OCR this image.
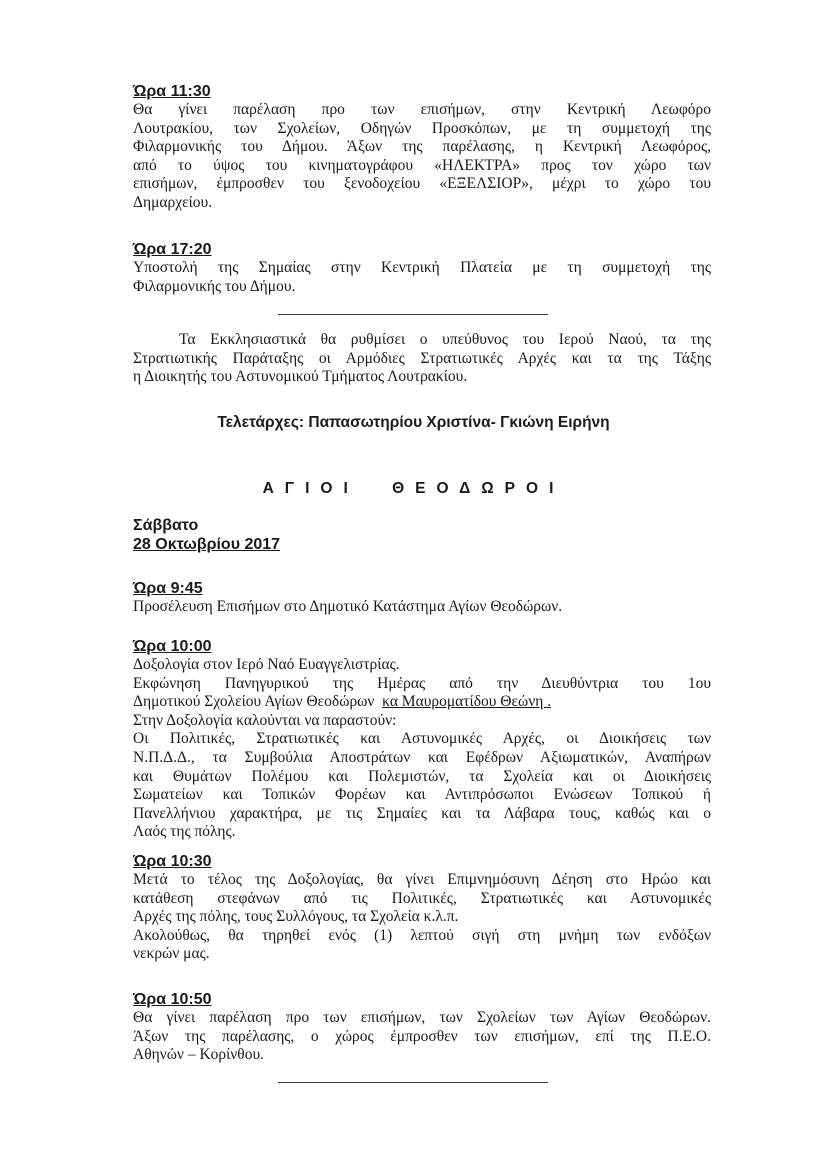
Ώρα 11:30
Θα γίνει παρέλαση προ των επισήμων, στην Κεντρική Λεωφόρο
Λουτρακίου, των Σχολείων, Οδηγών Προσκόπων, με τη συμμετοχή της
Φιλαρμονικής του Δήμου. Άξων της παρέλασης, η Κεντρική Λεωφόρος,
από το ύψος του κινηματογράφου «ΗΛΕΚΤΡΑ» προς τον χώρο των
επισήμων, έμπροσθεν του ξενοδοχείου «ΕΞΕΛΣΙΟΡ», μέχρι το χώρο του
Δημαρχείου.
Ώρα 17:20
Υποστολή της Σημαίας στην Κεντρική Πλατεία με τη συμμετοχή της
Φιλαρμονικής του Δήμου.
Τα Εκκλησιαστικά θα ρυθμίσει ο υπεύθυνος του Ιερού Ναού, τα της
Στρατιωτικής Παράταξης οι Αρμόδιες Στρατιωτικές Αρχές και τα της Τάξης
η Διοικητής του Αστυνομικού Τμήματος Λουτρακίου.
Τελετάρχες: Παπασωτηρίου Χριστίνα- Γκιώνη Ειρήνη
ΑΓΙΟΙ ΘΕΟΔΩΡΟΙ
Σάββατο
28 Οκτωβρίου 2017
Ώρα 9:45
Προσέλευση Επισήμων στο Δημοτικό Κατάστημα Αγίων Θεοδώρων.
Ώρα 10:00
Δοξολογία στον Ιερό Ναό Ευαγγελιστρίας.
Εκφώνηση Πανηγυρικού της Ημέρας από την Διευθύντρια του 1ου
Δημοτικού Σχολείου Αγίων Θεοδώρων κα Μαυροματίδου Θεώνη .
Στην Δοξολογία καλούνται να παραστούν:
Οι Πολιτικές, Στρατιωτικές και Αστυνομικές Αρχές, οι Διοικήσεις των
Ν.Π.Δ.Δ., τα Συμβούλια Αποστράτων και Εφέδρων Αξιωματικών, Αναπήρων
και Θυμάτων Πολέμου και Πολεμιστών, τα Σχολεία και οι Διοικήσεις
Σωματείων και Τοπικών Φορέων και Αντιπρόσωποι Ενώσεων Τοπικού ή
Πανελλήνιου χαρακτήρα, με τις Σημαίες και τα Λάβαρα τους, καθώς και ο
Λαός της πόλης.
Ώρα 10:30
Μετά το τέλος της Δοξολογίας, θα γίνει Επιμνημόσυνη Δέηση στο Ηρώο και
κατάθεση στεφάνων από τις Πολιτικές, Στρατιωτικές και Αστυνομικές
Αρχές της πόλης, τους Συλλόγους, τα Σχολεία κ.λ.π.
Ακολούθως, θα τηρηθεί ενός (1) λεπτού σιγή στη μνήμη των ενδόξων
νεκρών μας.
Ώρα 10:50
Θα γίνει παρέλαση προ των επισήμων, των Σχολείων των Αγίων Θεοδώρων.
Άξων της παρέλασης, ο χώρος έμπροσθεν των επισήμων, επί της Π.Ε.Ο.
Αθηνών – Κορίνθου.
